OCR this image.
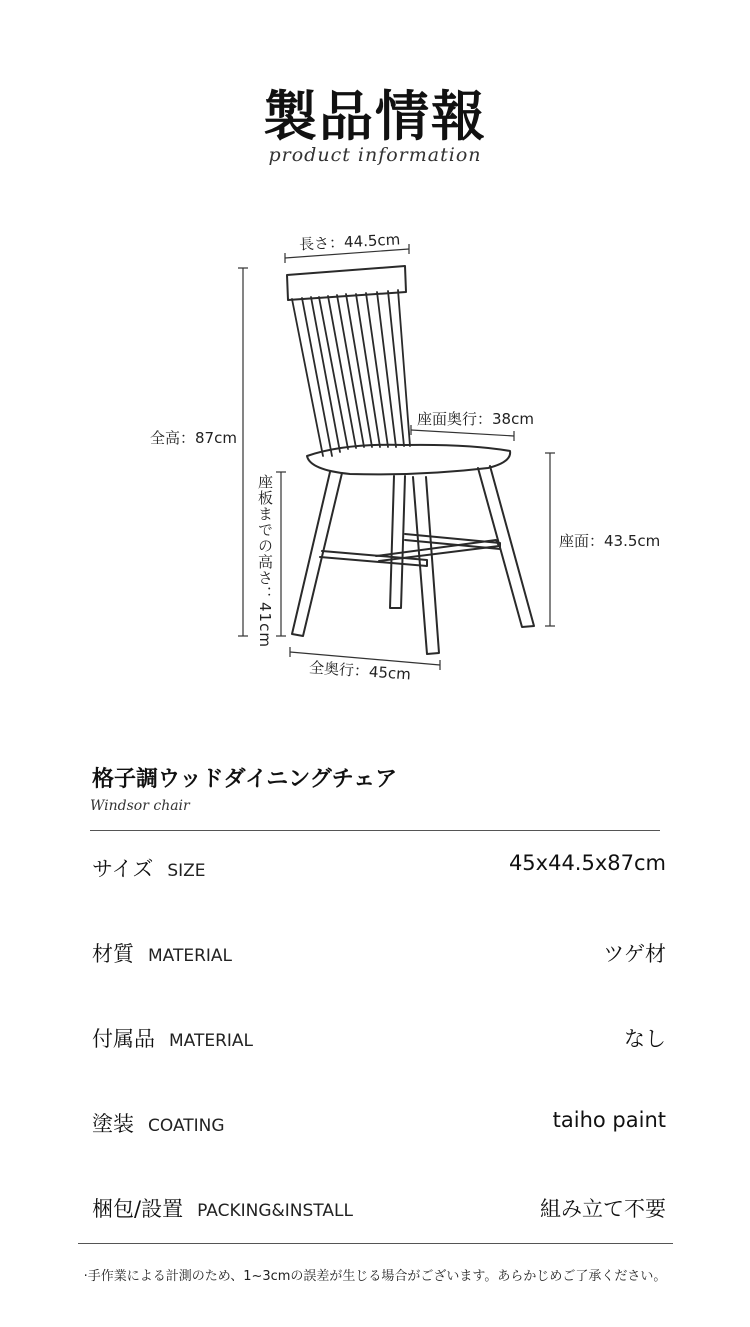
製品情報
product information
長さ：44.5cm
全高：87cm
座面奥行：38cm
座面：43.5cm
座板までの高さ：41cm
全奥行：45cm
格子調ウッドダイニングチェア
Windsor chair
サイズ SIZE	45x44.5x87cm
材質 MATERIAL	ツゲ材
付属品 MATERIAL	なし
塗装 COATING	taiho paint
梱包/設置 PACKING&INSTALL	組み立て不要
·手作業による計測のため、1~3cmの誤差が生じる場合がございます。あらかじめご了承ください。
